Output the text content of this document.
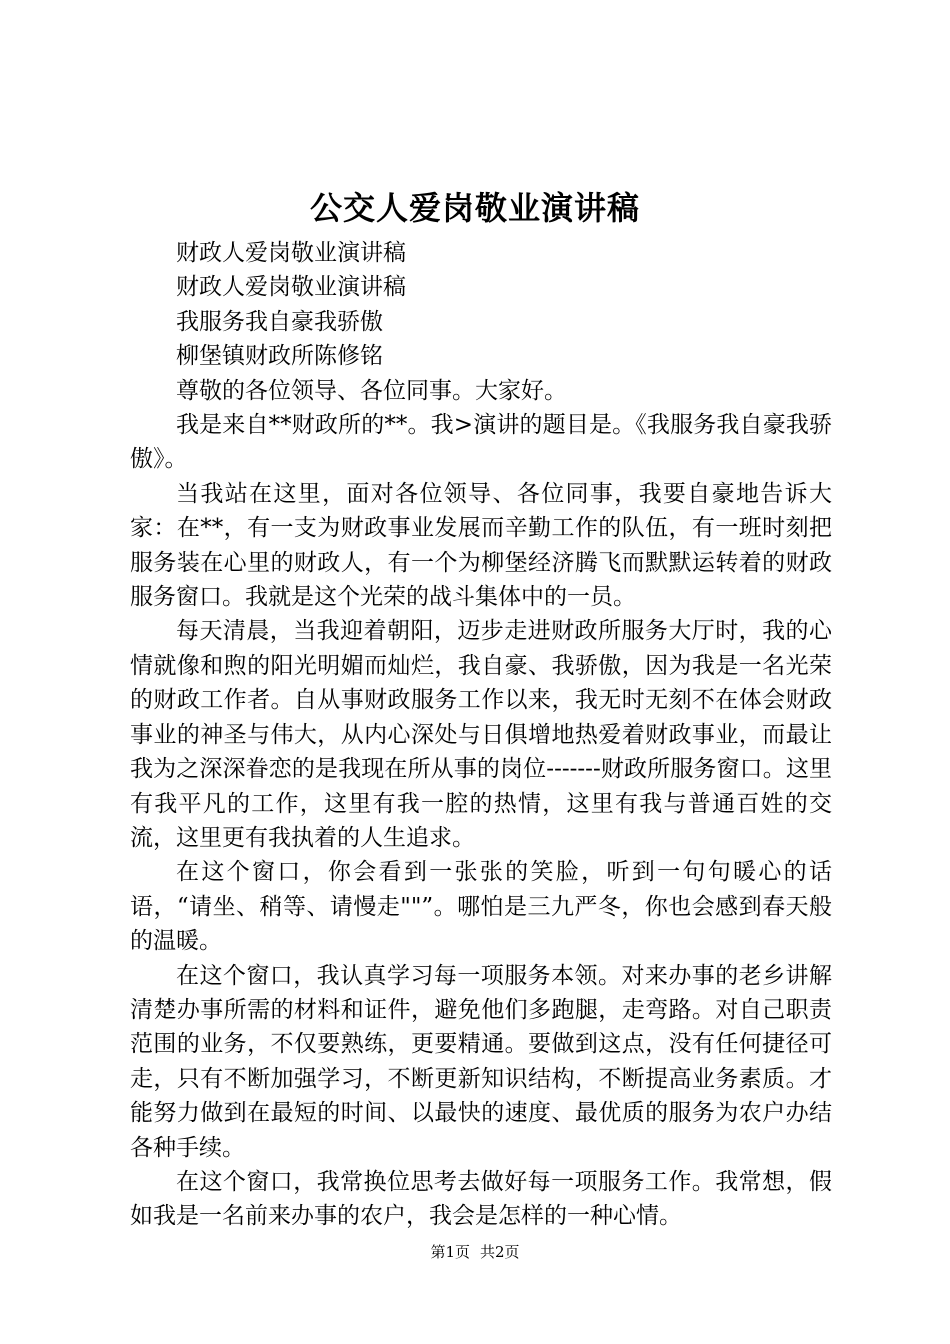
公交人爱岗敬业演讲稿

财政人爱岗敬业演讲稿

财政人爱岗敬业演讲稿

我服务我自豪我骄傲

柳堡镇财政所陈修铭

尊敬的各位领导、各位同事。大家好。

我是来自**财政所的**。我>演讲的题目是。《我服务我自豪我骄傲》。

当我站在这里，面对各位领导、各位同事，我要自豪地告诉大家：在**，有一支为财政事业发展而辛勤工作的队伍，有一班时刻把服务装在心里的财政人，有一个为柳堡经济腾飞而默默运转着的财政服务窗口。我就是这个光荣的战斗集体中的一员。

每天清晨，当我迎着朝阳，迈步走进财政所服务大厅时，我的心情就像和煦的阳光明媚而灿烂，我自豪、我骄傲，因为我是一名光荣的财政工作者。自从事财政服务工作以来，我无时无刻不在体会财政事业的神圣与伟大，从内心深处与日俱增地热爱着财政事业，而最让我为之深深眷恋的是我现在所从事的岗位-------财政所服务窗口。这里有我平凡的工作，这里有我一腔的热情，这里有我与普通百姓的交流，这里更有我执着的人生追求。

在这个窗口，你会看到一张张的笑脸，听到一句句暖心的话语，“请坐、稍等、请慢走""”。哪怕是三九严冬，你也会感到春天般的温暖。

在这个窗口，我认真学习每一项服务本领。对来办事的老乡讲解清楚办事所需的材料和证件，避免他们多跑腿，走弯路。对自己职责范围的业务，不仅要熟练，更要精通。要做到这点，没有任何捷径可走，只有不断加强学习，不断更新知识结构，不断提高业务素质。才能努力做到在最短的时间、以最快的速度、最优质的服务为农户办结各种手续。

在这个窗口，我常换位思考去做好每一项服务工作。我常想，假如我是一名前来办事的农户，我会是怎样的一种心情。

第1页 共2页
